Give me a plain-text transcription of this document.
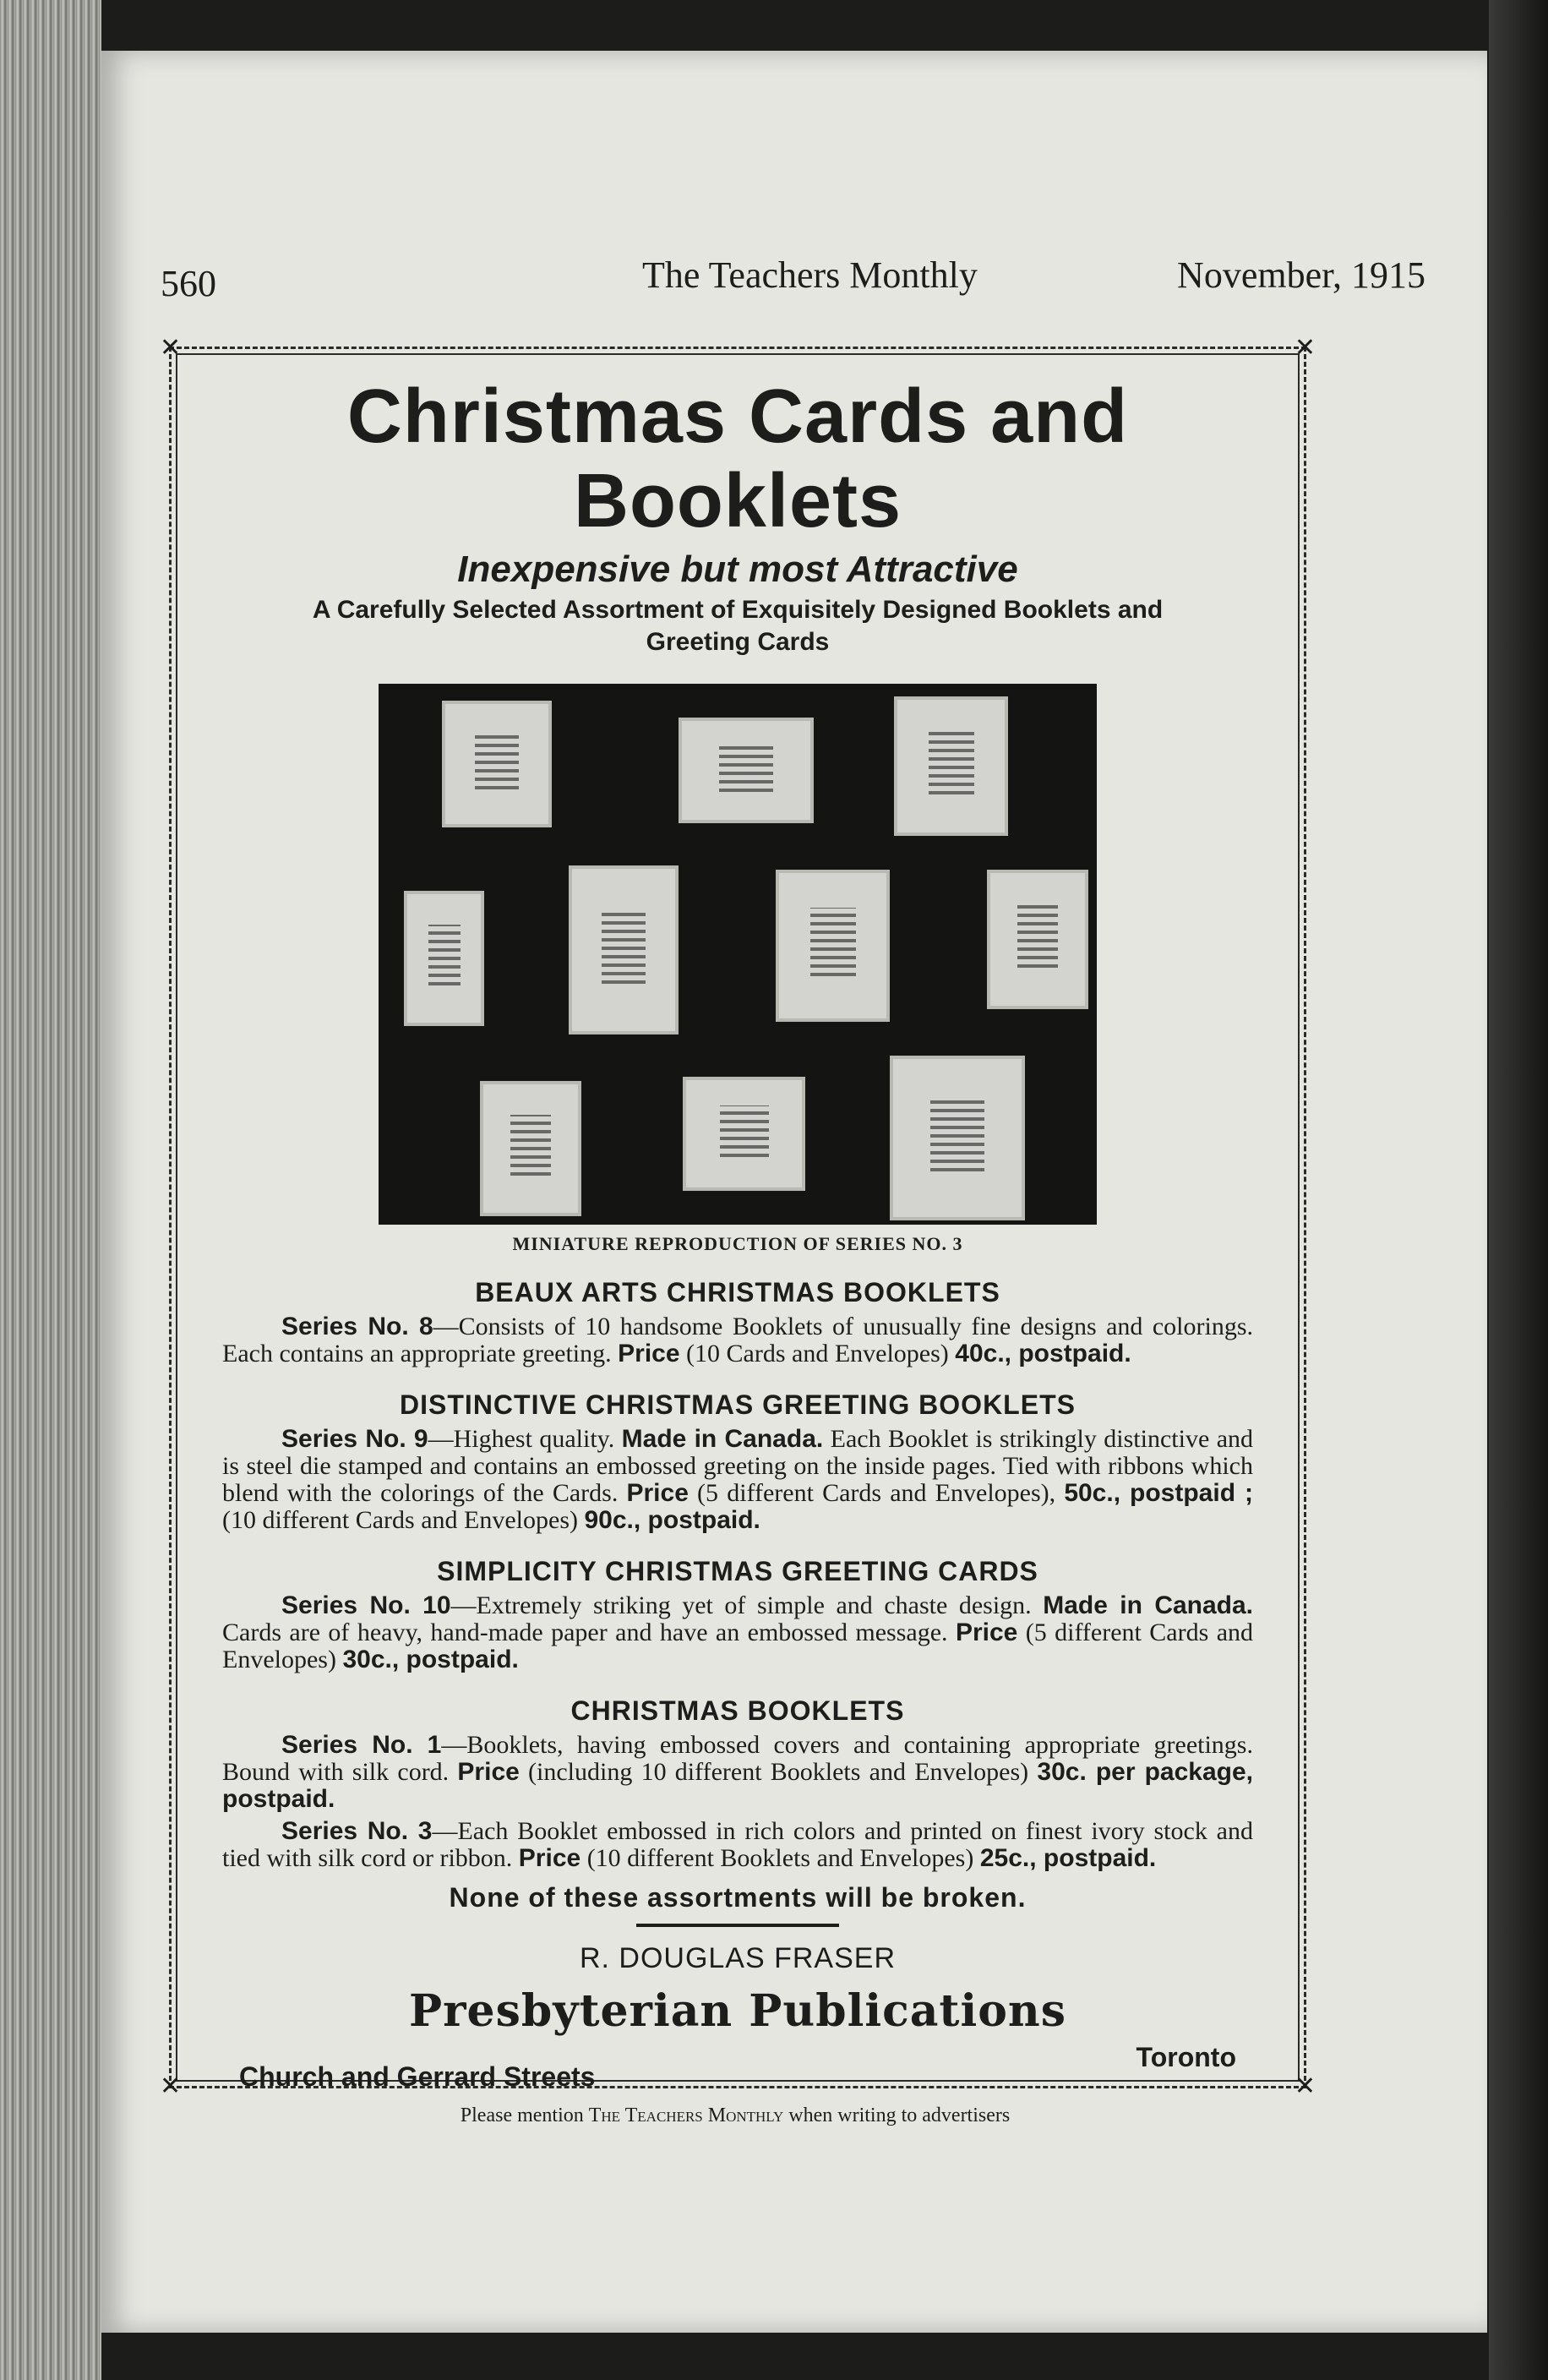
560	The Teachers Monthly	November, 1915
✕	✕
✕	✕
Christmas Cards and Booklets
Inexpensive but most Attractive
A Carefully Selected Assortment of Exquisitely Designed Booklets and Greeting Cards
MINIATURE REPRODUCTION OF SERIES NO. 3
BEAUX ARTS CHRISTMAS BOOKLETS

Series No. 8—Consists of 10 handsome Booklets of unusually fine designs and colorings. Each contains an appropriate greeting. Price (10 Cards and Envelopes) 40c., postpaid.

DISTINCTIVE CHRISTMAS GREETING BOOKLETS

Series No. 9—Highest quality. Made in Canada. Each Booklet is strikingly distinctive and is steel die stamped and contains an embossed greeting on the inside pages. Tied with ribbons which blend with the colorings of the Cards. Price (5 different Cards and Envelopes), 50c., postpaid ; (10 different Cards and Envelopes) 90c., postpaid.

SIMPLICITY CHRISTMAS GREETING CARDS

Series No. 10—Extremely striking yet of simple and chaste design. Made in Canada. Cards are of heavy, hand-made paper and have an embossed message. Price (5 different Cards and Envelopes) 30c., postpaid.

CHRISTMAS BOOKLETS

Series No. 1—Booklets, having embossed covers and containing appropriate greetings. Bound with silk cord. Price (including 10 different Booklets and Envelopes) 30c. per package, postpaid.

Series No. 3—Each Booklet embossed in rich colors and printed on finest ivory stock and tied with silk cord or ribbon. Price (10 different Booklets and Envelopes) 25c., postpaid.

None of these assortments will be broken.
R. DOUGLAS FRASER
Presbyterian Publications
Church and Gerrard Streets
Toronto
Please mention The Teachers Monthly when writing to advertisers
